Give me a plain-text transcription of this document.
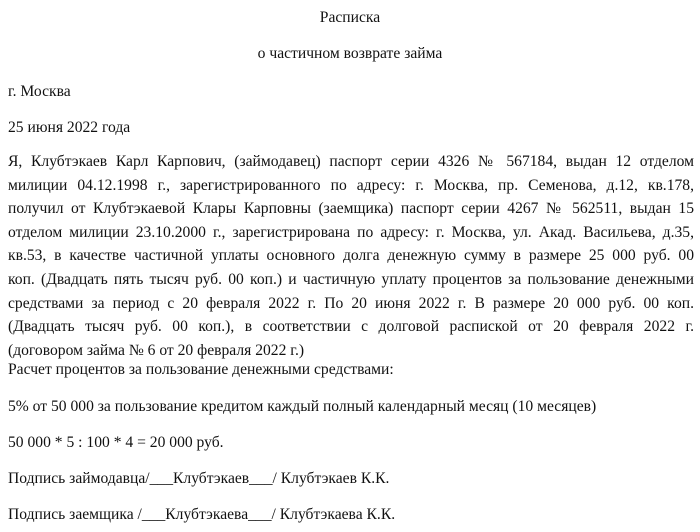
Расписка
о частичном возврате займа
г. Москва
25 июня 2022 года
Я, Клубтэкаев Карл Карпович, (займодавец) паспорт серии 4326 № 567184, выдан 12 отделом
милиции 04.12.1998 г., зарегистрированного по адресу: г. Москва, пр. Семенова, д.12, кв.178,
получил от Клубтэкаевой Клары Карповны (заемщика) паспорт серии 4267 № 562511, выдан 15
отделом милиции 23.10.2000 г., зарегистрирована по адресу: г. Москва, ул. Акад. Васильева, д.35,
кв.53, в качестве частичной уплаты основного долга денежную сумму в размере 25 000 руб. 00
коп. (Двадцать пять тысяч руб. 00 коп.) и частичную уплату процентов за пользование денежными
средствами за период с 20 февраля 2022 г. По 20 июня 2022 г. В размере 20 000 руб. 00 коп.
(Двадцать тысяч руб. 00 коп.), в соответствии с долговой распиской от 20 февраля 2022 г.
(договором займа № 6 от 20 февраля 2022 г.)
Расчет процентов за пользование денежными средствами:
5% от 50 000 за пользование кредитом каждый полный календарный месяц (10 месяцев)
50 000 * 5 : 100 * 4 = 20 000 руб.
Подпись займодавца/___Клубтэкаев___/ Клубтэкаев К.К.
Подпись заемщика /___Клубтэкаева___/ Клубтэкаева К.К.
